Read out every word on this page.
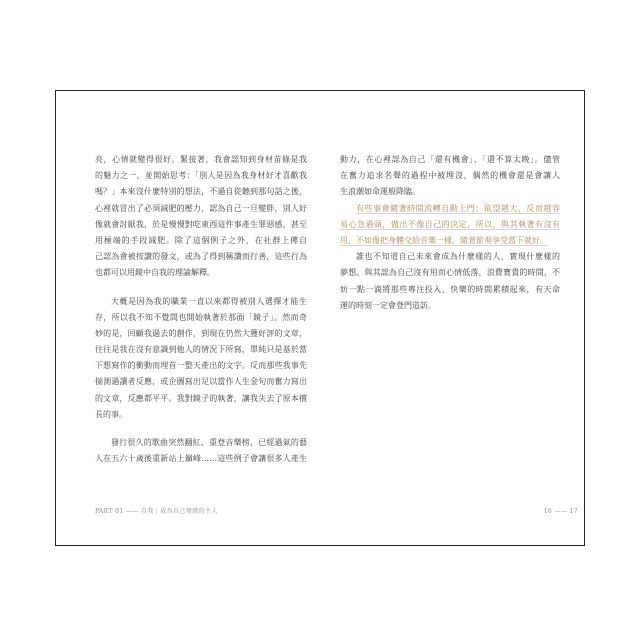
亮，心情就變得很好。緊接著，我會認知到身材苗條是我
的魅力之一，並開始思考：「別人是因為我身材好才喜歡我
嗎？」本來沒什麼特別的想法，不過自從聽到那句話之後，
心裡就冒出了必須減肥的壓力，認為自己一旦變胖，別人好
像就會討厭我，於是慢慢對吃東西這件事產生罪惡感，甚至
用極端的手段減肥。除了這個例子之外，在社群上傳自
己認為會被按讚的發文，或為了得到稱讚而行善，這些行為
也都可以用鏡中自我的理論解釋。
大概是因為我的職業一直以來都得被別人選擇才能生
存，所以我不知不覺間也開始執著於那面「鏡子」。然而奇
妙的是，回顧我過去的創作，到現在仍然大獲好評的文章，
往往是我在沒有意識到他人的情況下所寫，單純只是基於當
下想寫作的衝動而埋首一整天產出的文字。反而那些我事先
揣測過讀者反應，或企圖寫出足以當作人生金句而奮力寫出
的文章，反應都平平。我對鏡子的執著，讓我失去了原本擅
長的事。
發行很久的歌曲突然翻紅、重登音樂榜，已經過氣的藝
人在五六十歲後重新站上巔峰……這些例子會讓很多人產生
動力，在心裡認為自己「還有機會」、「還不算太晚」。儘管
在奮力追求名聲的過程中被埋沒，偶然的機會還是會讓人
生浪潮如命運般降臨。
有些事會隨著時間流轉自動上門；欲望越大，反而越容
易心急過頭，做出不像自己的決定，所以，與其執著有沒有
用，不如像把身體交給音樂一樣，隨著節奏享受當下就好。
誰也不知道自己未來會成為什麼樣的人，實現什麼樣的
夢想。與其認為自己沒有用而心情低落，浪費寶貴的時間，不
妨一點一滴將那些專注投入、快樂的時間累積起來，有天命
運的時刻一定會登門造訪。
PART 01 —— 自我｜成為自己情緒的主人	16 —— 17
